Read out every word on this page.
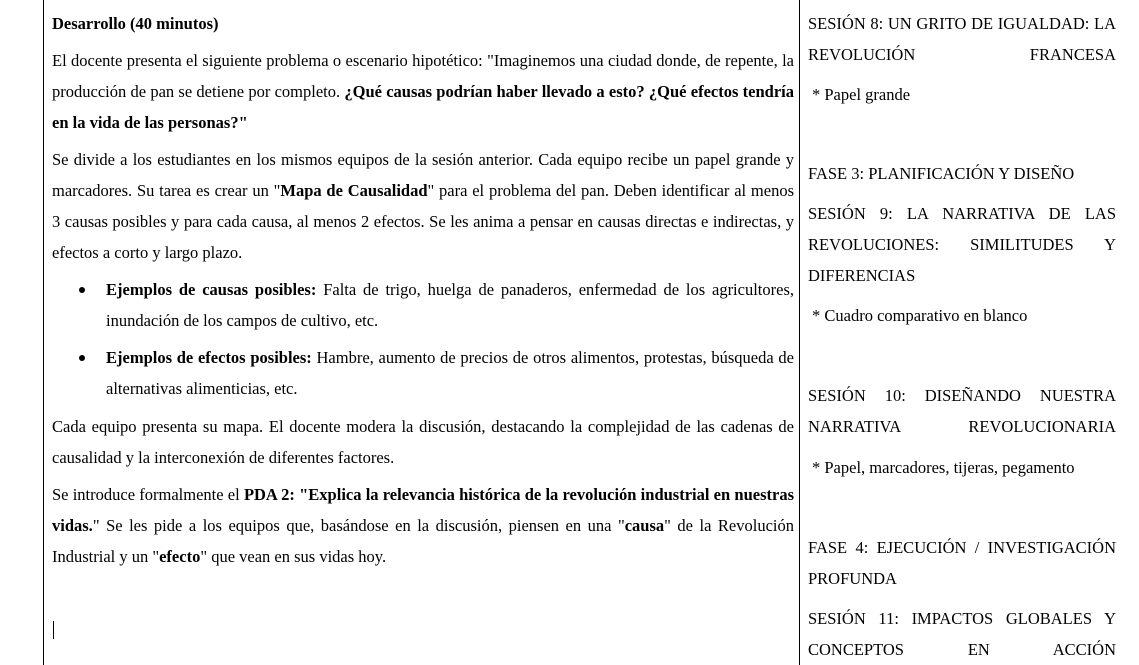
Desarrollo (40 minutos)
El docente presenta el siguiente problema o escenario hipotético: "Imaginemos una ciudad donde, de repente, la producción de pan se detiene por completo. ¿Qué causas podrían haber llevado a esto? ¿Qué efectos tendría en la vida de las personas?"
Se divide a los estudiantes en los mismos equipos de la sesión anterior. Cada equipo recibe un papel grande y marcadores. Su tarea es crear un "Mapa de Causalidad" para el problema del pan. Deben identificar al menos 3 causas posibles y para cada causa, al menos 2 efectos. Se les anima a pensar en causas directas e indirectas, y efectos a corto y largo plazo.
Ejemplos de causas posibles: Falta de trigo, huelga de panaderos, enfermedad de los agricultores, inundación de los campos de cultivo, etc.
Ejemplos de efectos posibles: Hambre, aumento de precios de otros alimentos, protestas, búsqueda de alternativas alimenticias, etc.
Cada equipo presenta su mapa. El docente modera la discusión, destacando la complejidad de las cadenas de causalidad y la interconexión de diferentes factores.
Se introduce formalmente el PDA 2: "Explica la relevancia histórica de la revolución industrial en nuestras vidas." Se les pide a los equipos que, basándose en la discusión, piensen en una "causa" de la Revolución Industrial y un "efecto" que vean en sus vidas hoy.
SESIÓN 8: UN GRITO DE IGUALDAD: LA REVOLUCIÓN FRANCESA
* Papel grande
FASE 3: PLANIFICACIÓN Y DISEÑO
SESIÓN 9: LA NARRATIVA DE LAS REVOLUCIONES: SIMILITUDES Y DIFERENCIAS
* Cuadro comparativo en blanco
SESIÓN 10: DISEÑANDO NUESTRA NARRATIVA REVOLUCIONARIA
* Papel, marcadores, tijeras, pegamento
FASE 4: EJECUCIÓN / INVESTIGACIÓN PROFUNDA
SESIÓN 11: IMPACTOS GLOBALES Y CONCEPTOS EN ACCIÓN
